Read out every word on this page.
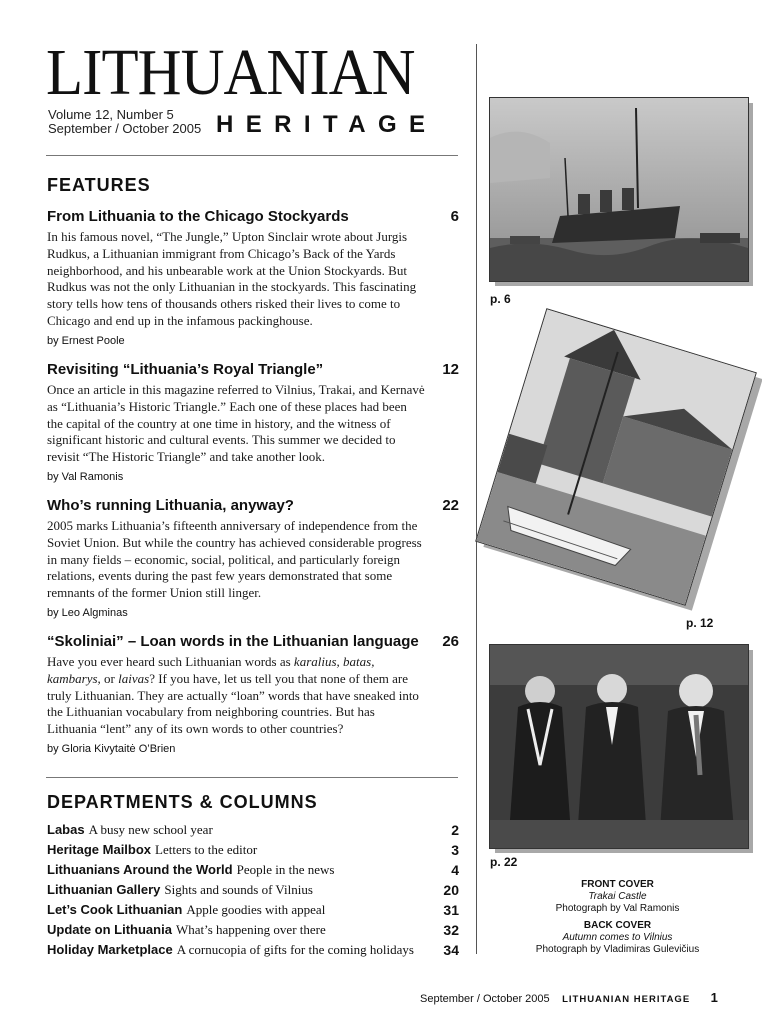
LITHUANIAN
Volume 12, Number 5
September / October 2005 HERITAGE
FEATURES
From Lithuania to the Chicago Stockyards	6
In his famous novel, “The Jungle,” Upton Sinclair wrote about Jurgis Rudkus, a Lithuanian immigrant from Chicago’s Back of the Yards neighborhood, and his unbearable work at the Union Stockyards. But Rudkus was not the only Lithuanian in the stockyards. This fascinating story tells how tens of thousands others risked their lives to come to Chicago and end up in the infamous packinghouse.
by Ernest Poole
Revisiting “Lithuania’s Royal Triangle”	12
Once an article in this magazine referred to Vilnius, Trakai, and Kernavė as “Lithuania’s Historic Triangle.” Each one of these places had been the capital of the country at one time in history, and the witness of significant historic and cultural events. This summer we decided to revisit “The Historic Triangle” and take another look.
by Val Ramonis
Who’s running Lithuania, anyway?	22
2005 marks Lithuania’s fifteenth anniversary of independence from the Soviet Union. But while the country has achieved considerable progress in many fields – economic, social, political, and particularly foreign relations, events during the past few years demonstrated that some remnants of the former Union still linger.
by Leo Algminas
“Skoliniai” – Loan words in the Lithuanian language 26
Have you ever heard such Lithuanian words as karalius, batas, kambarys, or laivas? If you have, let us tell you that none of them are truly Lithuanian. They are actually “loan” words that have sneaked into the Lithuanian vocabulary from neighboring countries. But has Lithuania “lent” any of its own words to other countries?
by Gloria Kivytaitė O’Brien
DEPARTMENTS & COLUMNS
Labas A busy new school year	2
Heritage Mailbox Letters to the editor	3
Lithuanians Around the World People in the news	4
Lithuanian Gallery Sights and sounds of Vilnius	20
Let’s Cook Lithuanian Apple goodies with appeal	31
Update on Lithuania What’s happening over there	32
Holiday Marketplace A cornucopia of gifts for the coming holidays 34
p. 6
p. 12
p. 22
FRONT COVER
Trakai Castle
Photograph by Val Ramonis
BACK COVER
Autumn comes to Vilnius
Photograph by Vladimiras Gulevičius
September / October 2005 LITHUANIAN HERITAGE 1
